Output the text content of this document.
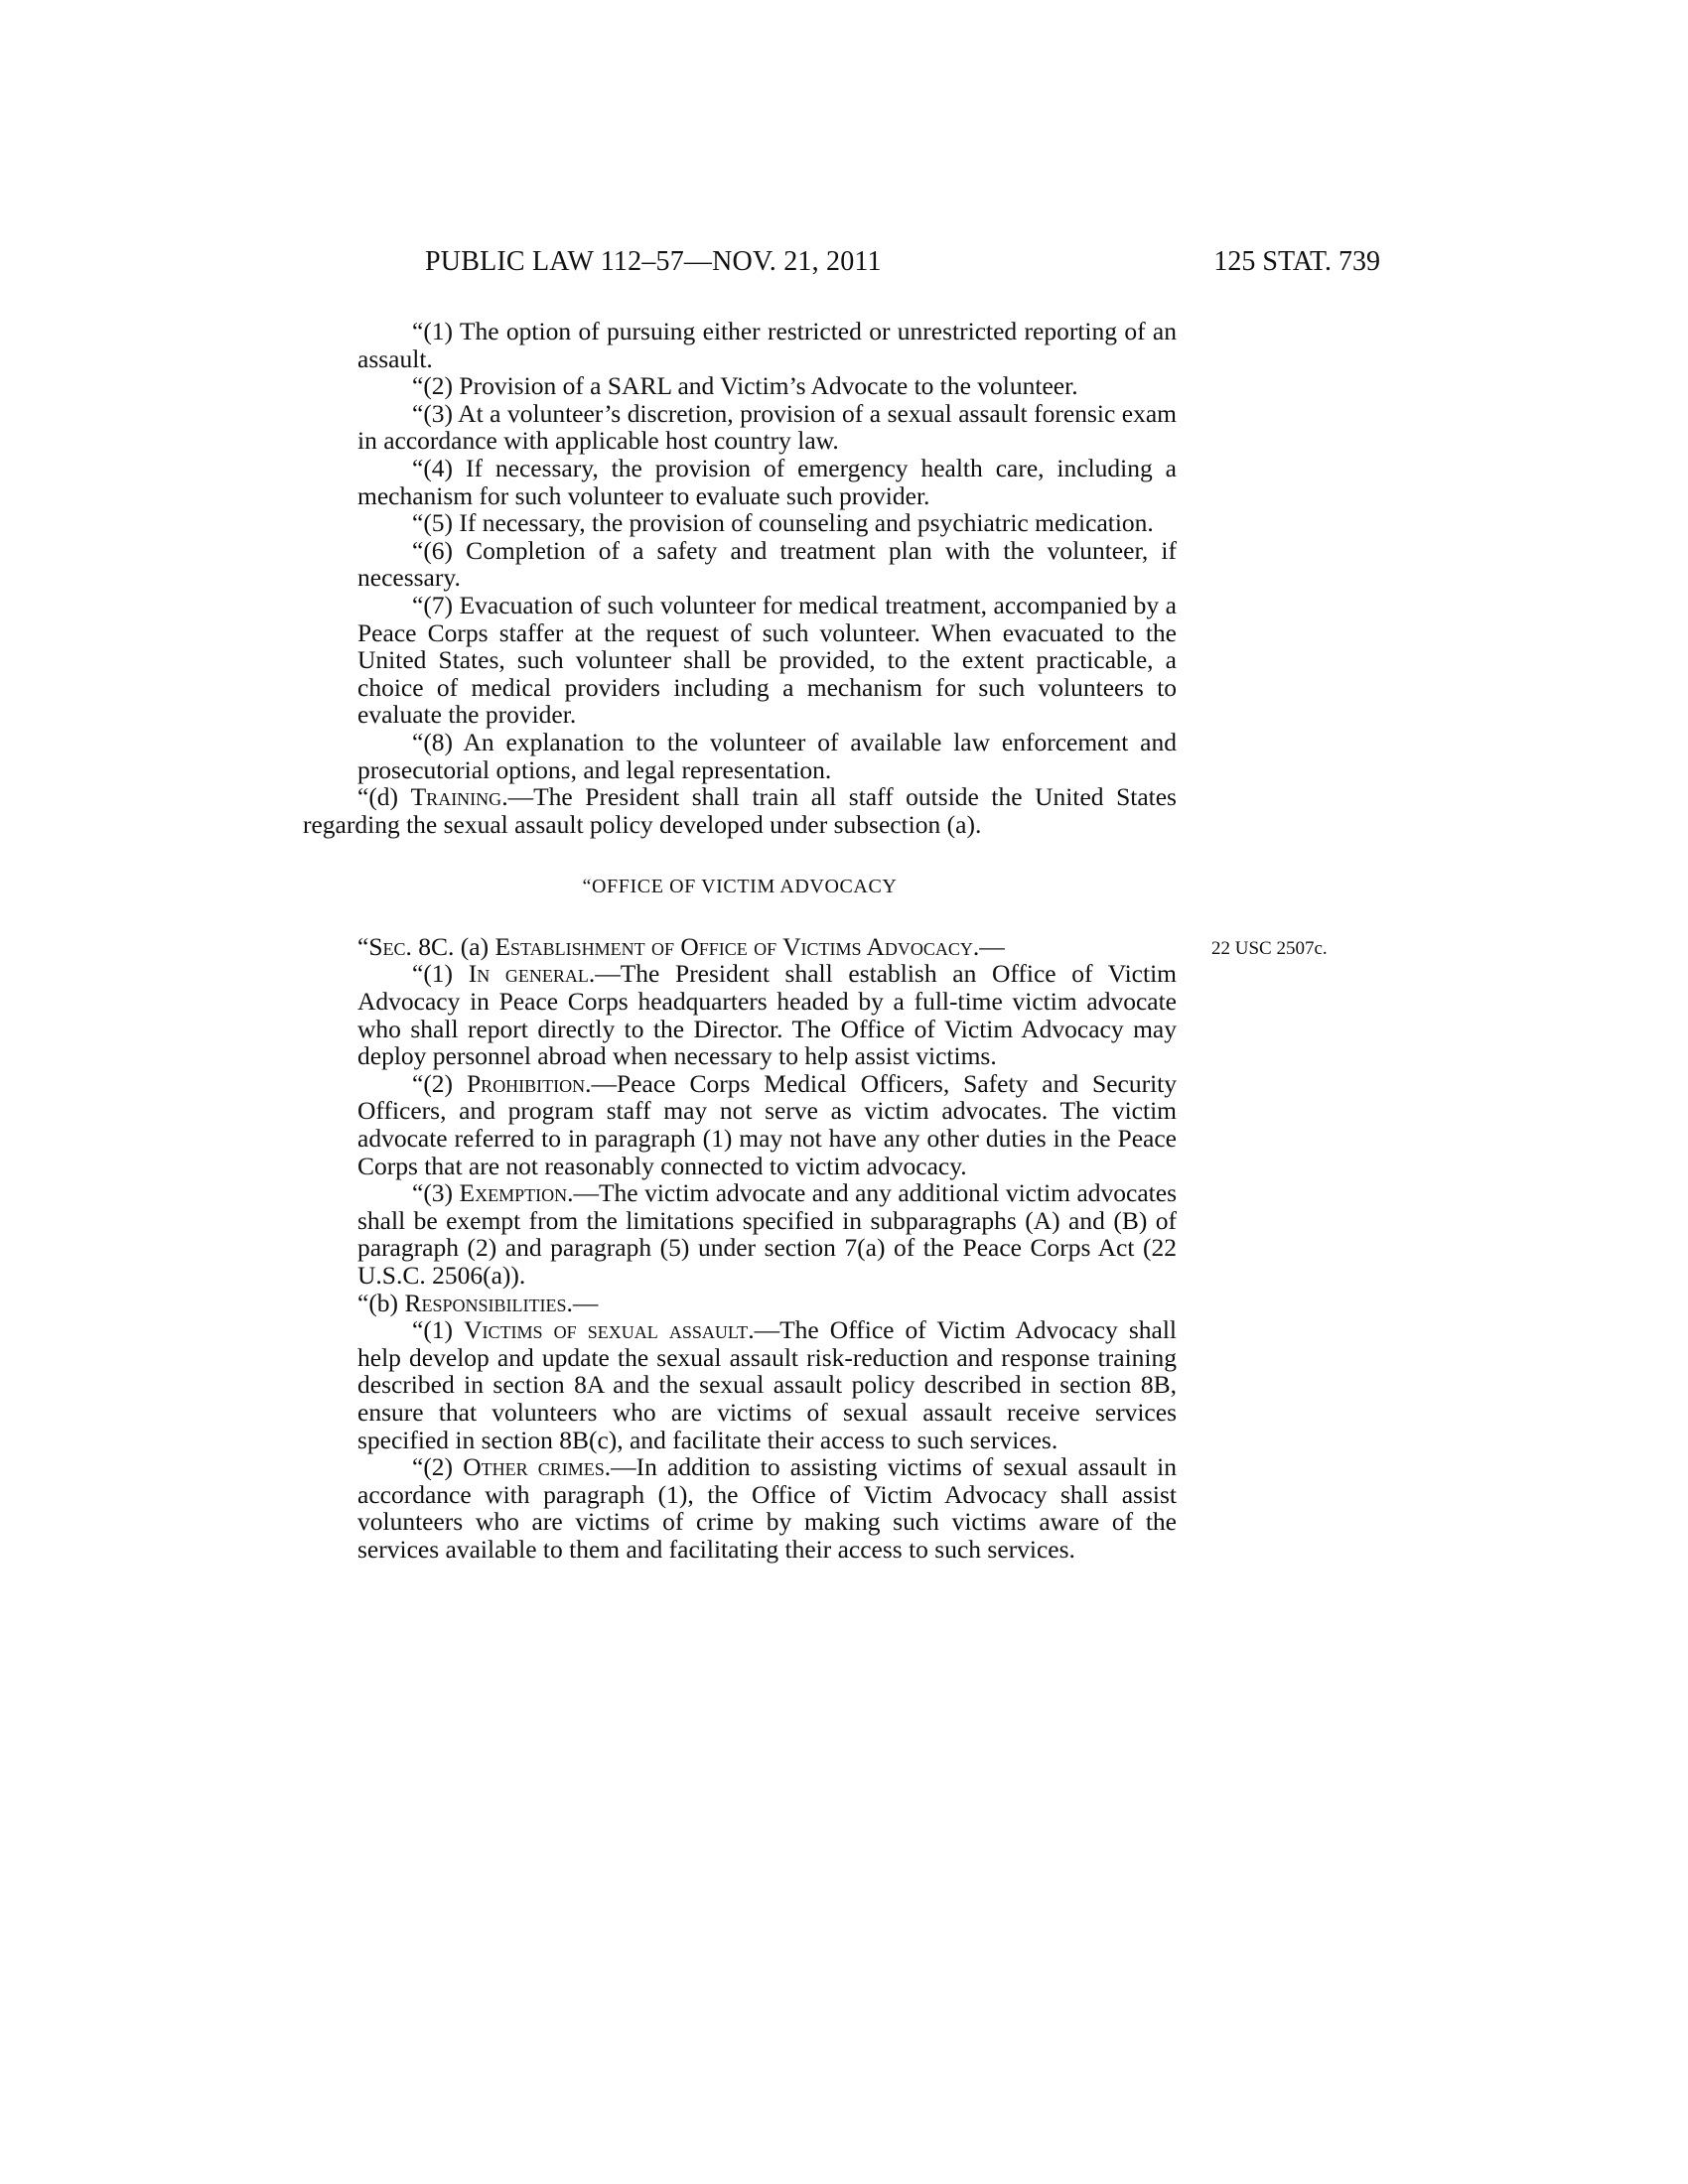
PUBLIC LAW 112–57—NOV. 21, 2011	125 STAT. 739

“(1) The option of pursuing either restricted or unrestricted reporting of an assault.

“(2) Provision of a SARL and Victim’s Advocate to the volunteer.

“(3) At a volunteer’s discretion, provision of a sexual assault forensic exam in accordance with applicable host country law.

“(4) If necessary, the provision of emergency health care, including a mechanism for such volunteer to evaluate such provider.

“(5) If necessary, the provision of counseling and psychiatric medication.

“(6) Completion of a safety and treatment plan with the volunteer, if necessary.

“(7) Evacuation of such volunteer for medical treatment, accompanied by a Peace Corps staffer at the request of such volunteer. When evacuated to the United States, such volunteer shall be provided, to the extent practicable, a choice of medical providers including a mechanism for such volunteers to evaluate the provider.

“(8) An explanation to the volunteer of available law enforcement and prosecutorial options, and legal representation.

“(d) Training.—The President shall train all staff outside the United States regarding the sexual assault policy developed under subsection (a).

“OFFICE OF VICTIM ADVOCACY
22 USC 2507c.

“Sec. 8C. (a) Establishment of Office of Victims Advocacy.—

“(1) In general.—The President shall establish an Office of Victim Advocacy in Peace Corps headquarters headed by a full-time victim advocate who shall report directly to the Director. The Office of Victim Advocacy may deploy personnel abroad when necessary to help assist victims.

“(2) Prohibition.—Peace Corps Medical Officers, Safety and Security Officers, and program staff may not serve as victim advocates. The victim advocate referred to in paragraph (1) may not have any other duties in the Peace Corps that are not reasonably connected to victim advocacy.

“(3) Exemption.—The victim advocate and any additional victim advocates shall be exempt from the limitations specified in subparagraphs (A) and (B) of paragraph (2) and paragraph (5) under section 7(a) of the Peace Corps Act (22 U.S.C. 2506(a)).

“(b) Responsibilities.—

“(1) Victims of sexual assault.—The Office of Victim Advocacy shall help develop and update the sexual assault risk-reduction and response training described in section 8A and the sexual assault policy described in section 8B, ensure that volunteers who are victims of sexual assault receive services specified in section 8B(c), and facilitate their access to such services.

“(2) Other crimes.—In addition to assisting victims of sexual assault in accordance with paragraph (1), the Office of Victim Advocacy shall assist volunteers who are victims of crime by making such victims aware of the services available to them and facilitating their access to such services.
